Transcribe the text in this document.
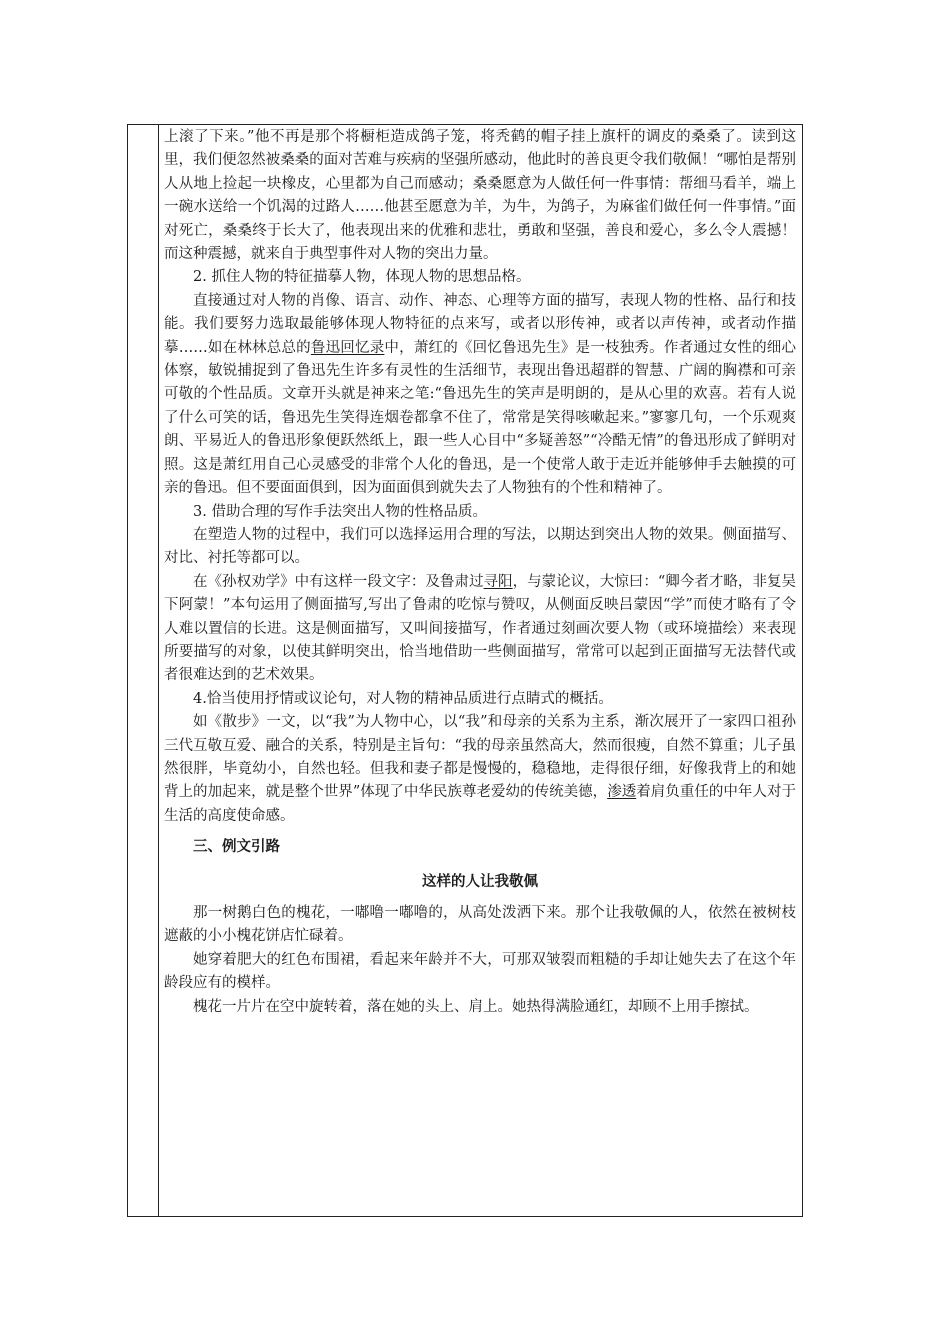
上滚了下来。”他不再是那个将橱柜造成鸽子笼，将秃鹤的帽子挂上旗杆的调皮的桑桑了。读到这里，我们便忽然被桑桑的面对苦难与疾病的坚强所感动，他此时的善良更令我们敬佩！“哪怕是帮别人从地上捡起一块橡皮，心里都为自己而感动；桑桑愿意为人做任何一件事情：帮细马看羊，端上一碗水送给一个饥渴的过路人……他甚至愿意为羊，为牛，为鸽子，为麻雀们做任何一件事情。”面对死亡，桑桑终于长大了，他表现出来的优雅和悲壮，勇敢和坚强，善良和爱心，多么令人震撼！而这种震撼，就来自于典型事件对人物的突出力量。

2. 抓住人物的特征描摹人物，体现人物的思想品格。

直接通过对人物的肖像、语言、动作、神态、心理等方面的描写，表现人物的性格、品行和技能。我们要努力选取最能够体现人物特征的点来写，或者以形传神，或者以声传神，或者动作描摹……如在林林总总的鲁迅回忆录中，萧红的《回忆鲁迅先生》是一枝独秀。作者通过女性的细心体察，敏锐捕捉到了鲁迅先生许多有灵性的生活细节，表现出鲁迅超群的智慧、广阔的胸襟和可亲可敬的个性品质。文章开头就是神来之笔:“鲁迅先生的笑声是明朗的，是从心里的欢喜。若有人说了什么可笑的话，鲁迅先生笑得连烟卷都拿不住了，常常是笑得咳嗽起来。”寥寥几句，一个乐观爽朗、平易近人的鲁迅形象便跃然纸上，跟一些人心目中“多疑善怒”“冷酷无情”的鲁迅形成了鲜明对照。这是萧红用自己心灵感受的非常个人化的鲁迅，是一个使常人敢于走近并能够伸手去触摸的可亲的鲁迅。但不要面面俱到，因为面面俱到就失去了人物独有的个性和精神了。

3. 借助合理的写作手法突出人物的性格品质。

在塑造人物的过程中，我们可以选择运用合理的写法，以期达到突出人物的效果。侧面描写、对比、衬托等都可以。

在《孙权劝学》中有这样一段文字：及鲁肃过寻阳，与蒙论议，大惊曰：“卿今者才略，非复吴下阿蒙！”本句运用了侧面描写,写出了鲁肃的吃惊与赞叹，从侧面反映吕蒙因“学”而使才略有了令人难以置信的长进。这是侧面描写，又叫间接描写，作者通过刻画次要人物（或环境描绘）来表现所要描写的对象，以使其鲜明突出，恰当地借助一些侧面描写，常常可以起到正面描写无法替代或者很难达到的艺术效果。

4.恰当使用抒情或议论句，对人物的精神品质进行点睛式的概括。

如《散步》一文，以“我”为人物中心，以“我”和母亲的关系为主系，渐次展开了一家四口祖孙三代互敬互爱、融合的关系，特别是主旨句：“我的母亲虽然高大，然而很瘦，自然不算重；儿子虽然很胖，毕竟幼小，自然也轻。但我和妻子都是慢慢的，稳稳地，走得很仔细，好像我背上的和她背上的加起来，就是整个世界”体现了中华民族尊老爱幼的传统美德，渗透着肩负重任的中年人对于生活的高度使命感。

三、例文引路

这样的人让我敬佩

那一树鹅白色的槐花，一嘟噜一嘟噜的，从高处泼洒下来。那个让我敬佩的人，依然在被树枝遮蔽的小小槐花饼店忙碌着。

她穿着肥大的红色布围裙，看起来年龄并不大，可那双皱裂而粗糙的手却让她失去了在这个年龄段应有的模样。

槐花一片片在空中旋转着，落在她的头上、肩上。她热得满脸通红，却顾不上用手擦拭。
